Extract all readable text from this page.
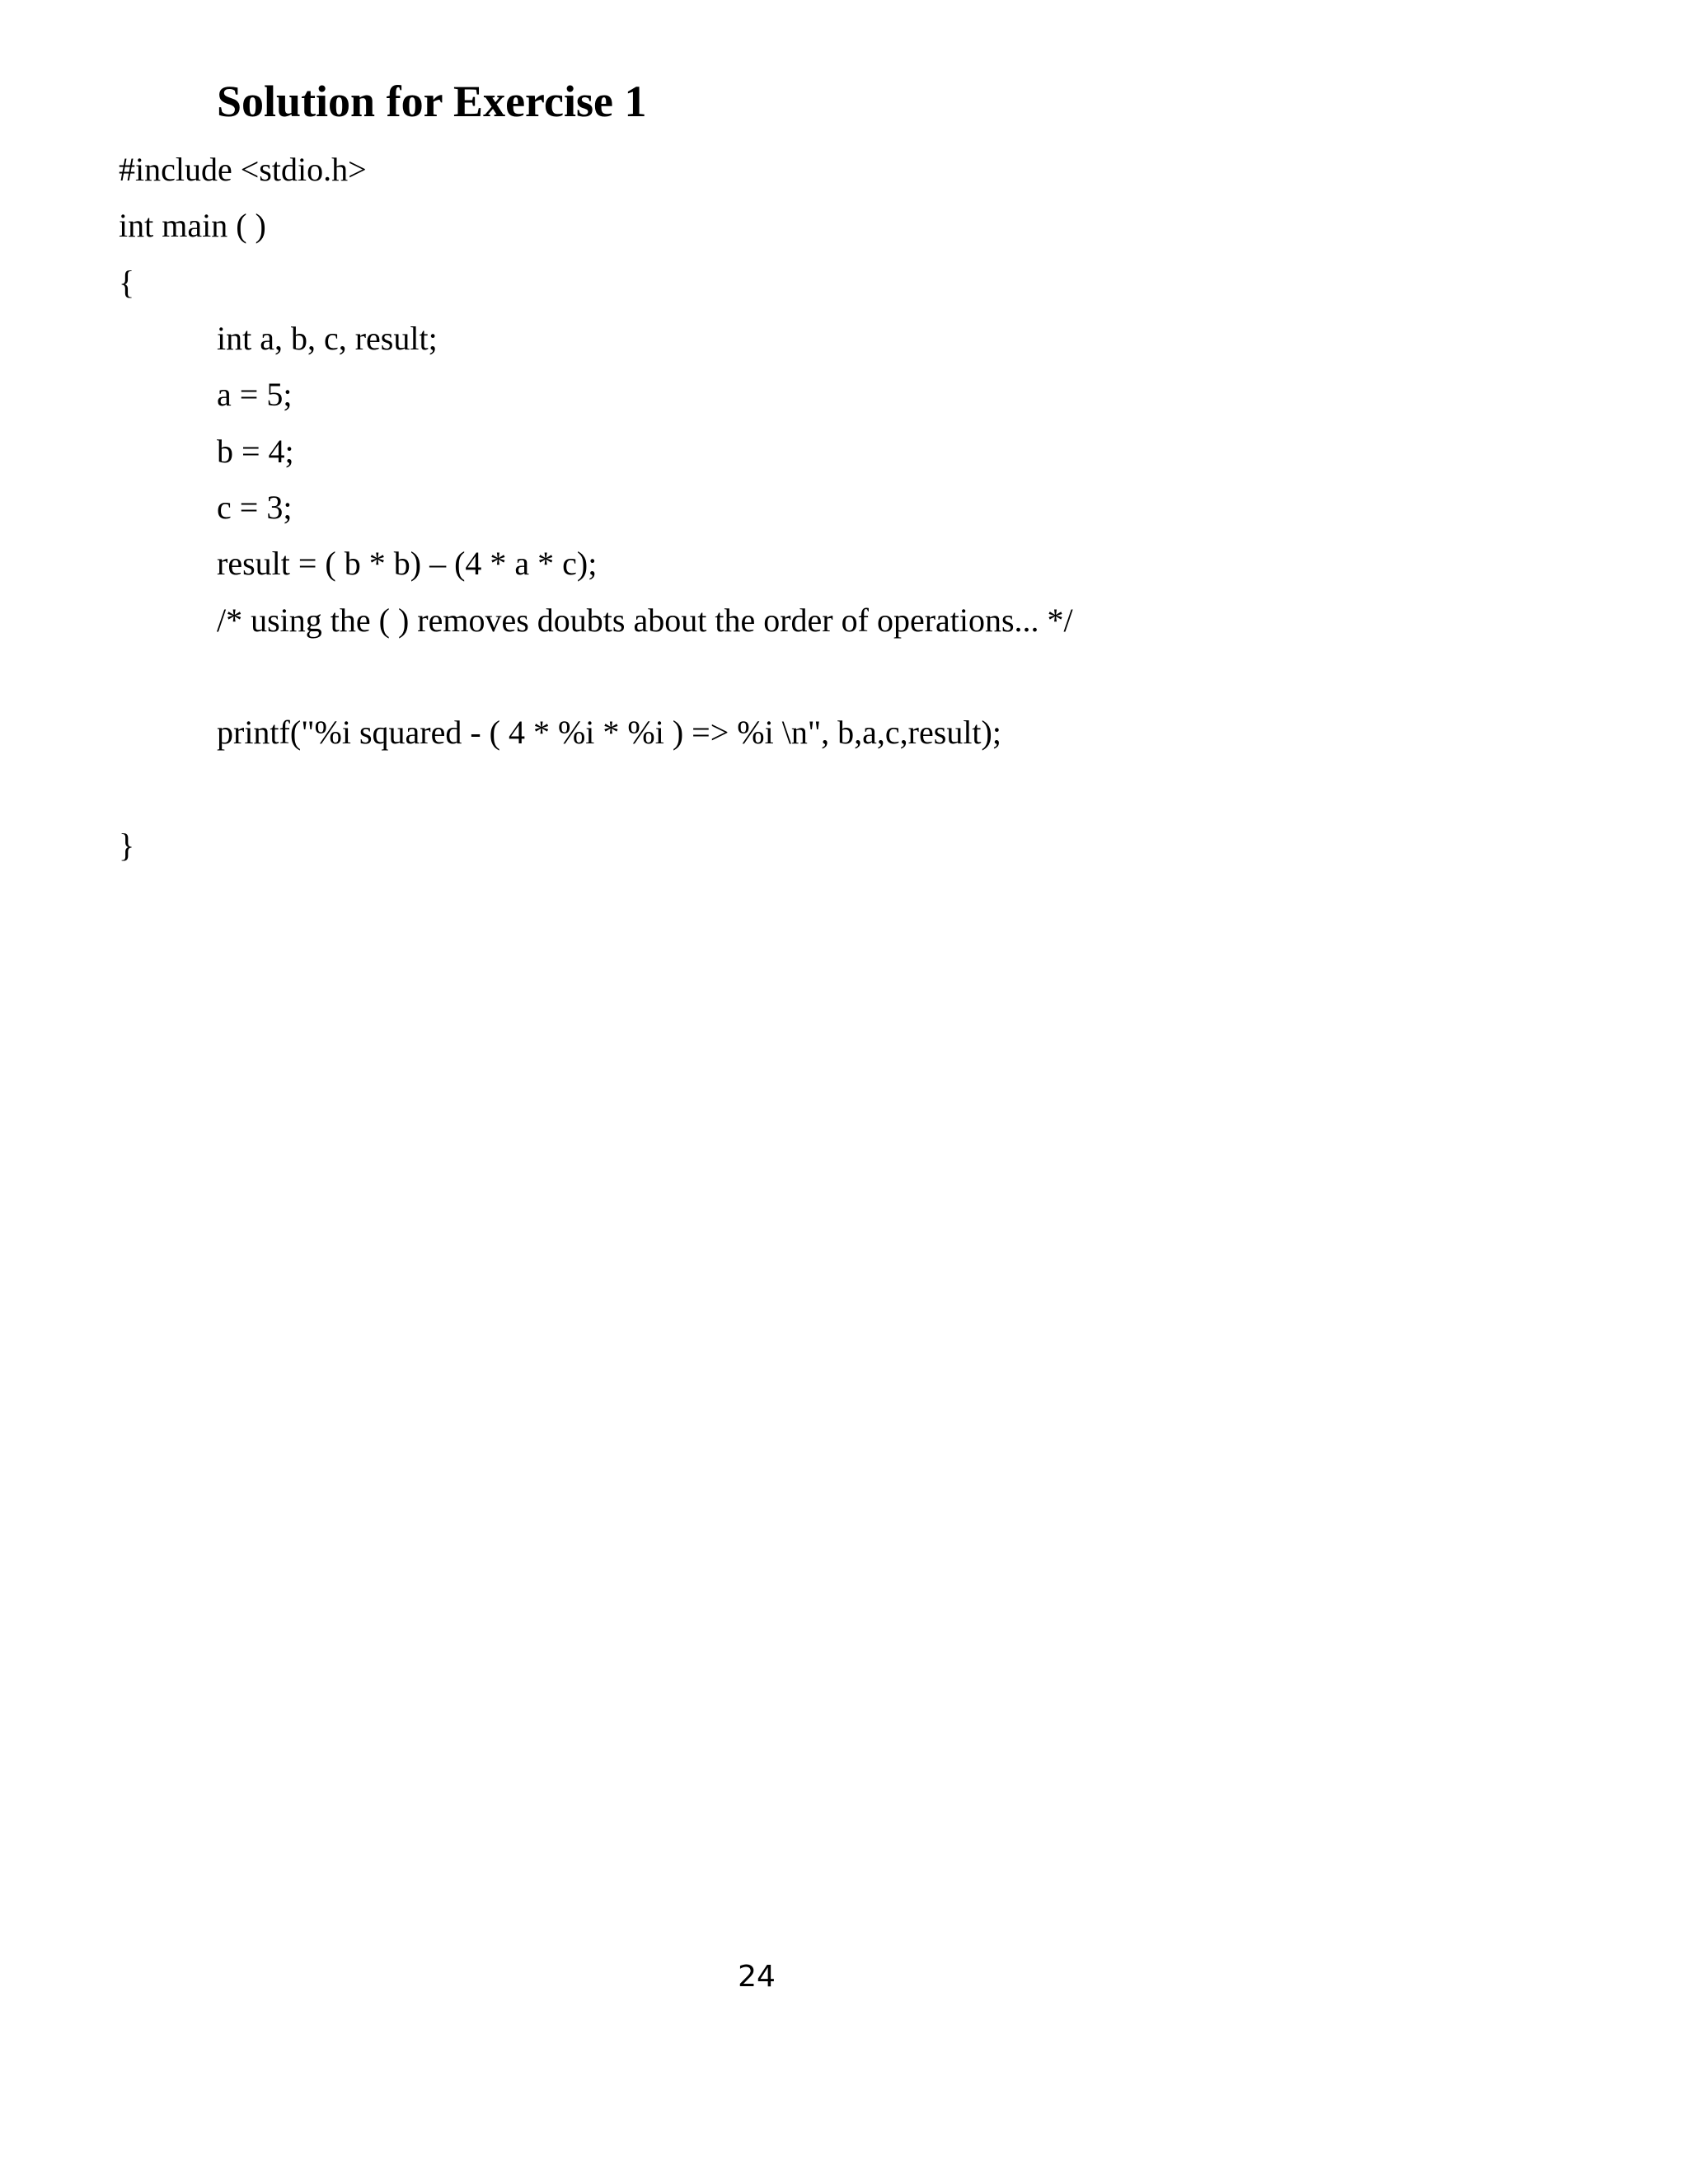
Solution for Exercise 1

#include <stdio.h>

int main ( )

{

int a, b, c, result;

a = 5;

b = 4;

c = 3;

result = ( b * b) – (4 * a * c);

/* using the ( ) removes doubts about the order of operations... */

printf("%i squared - ( 4 * %i * %i ) => %i \n", b,a,c,result);

}

24
